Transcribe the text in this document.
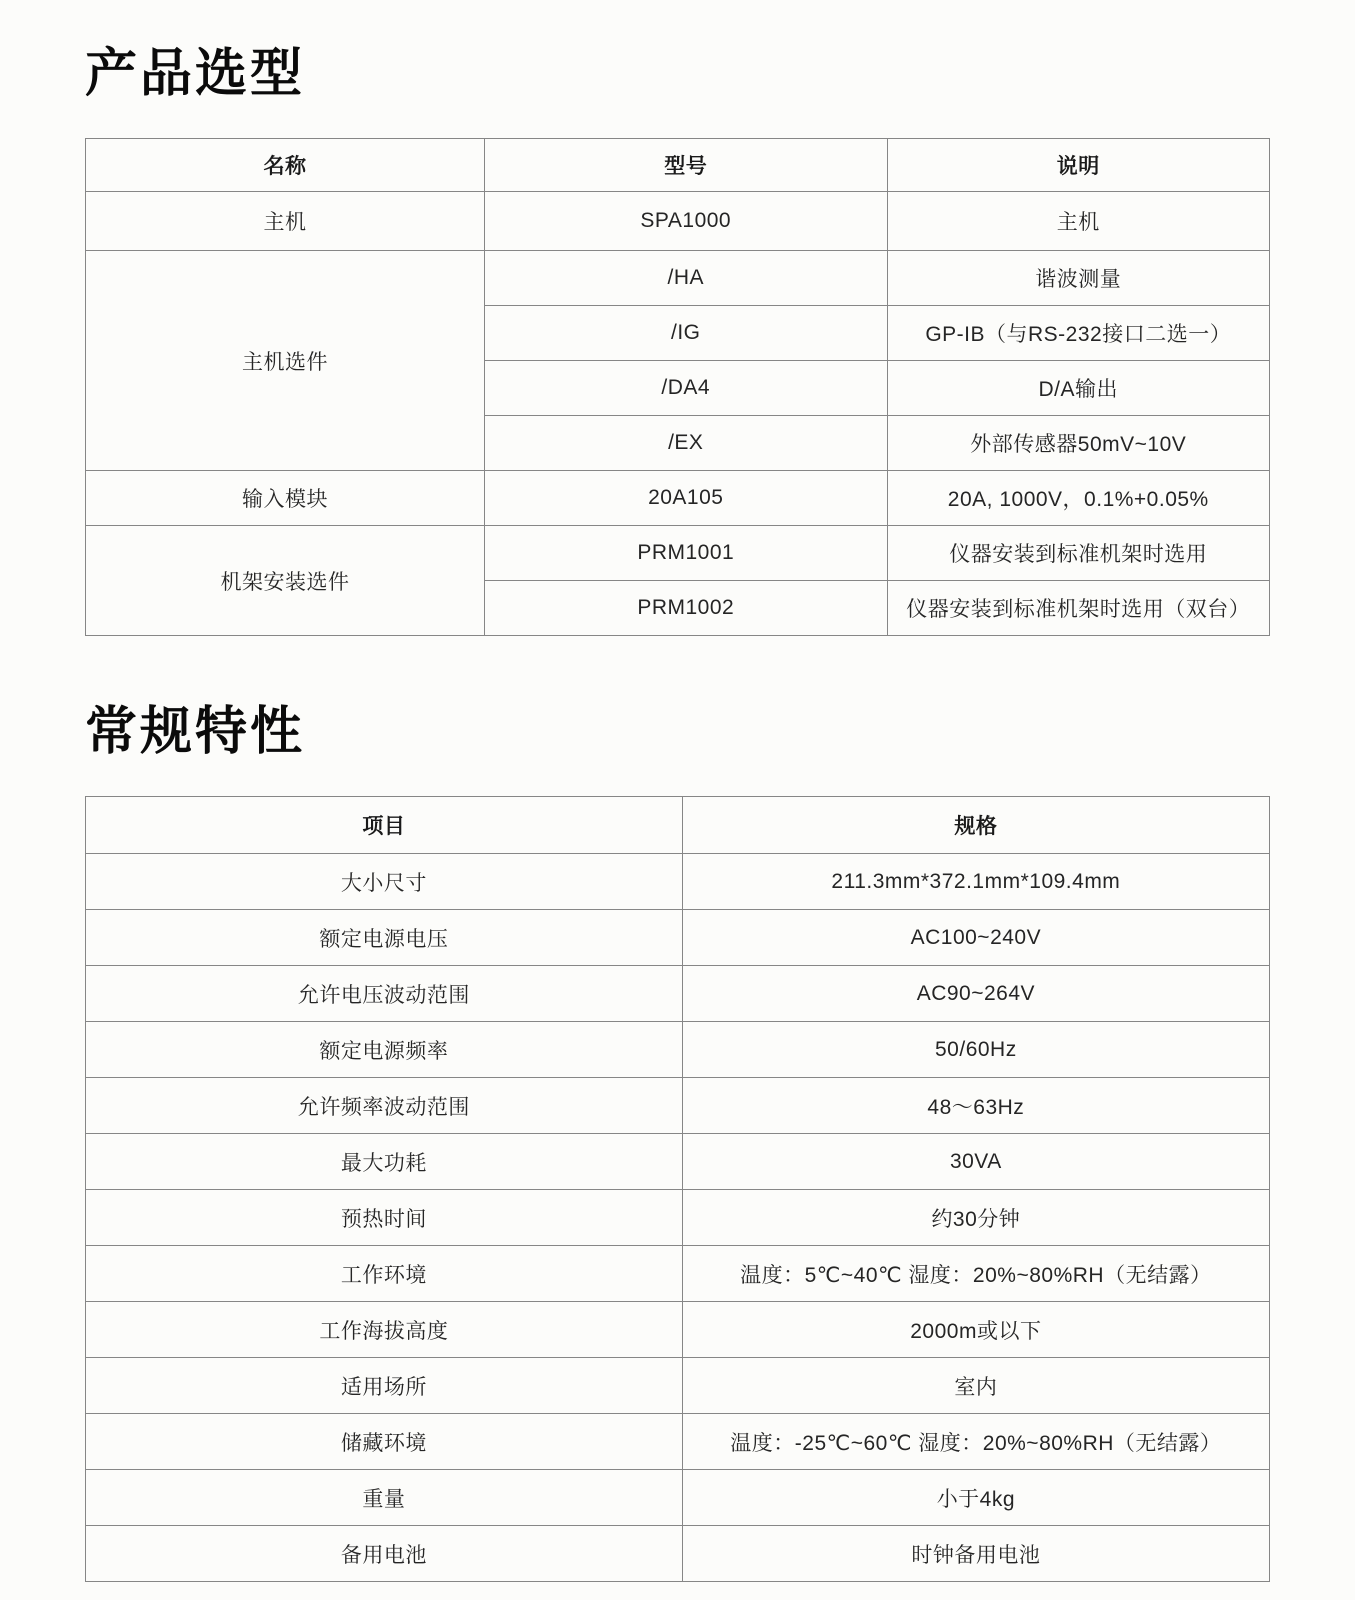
产品选型
名称	型号	说明
主机	SPA1000	主机
主机选件	/HA	谐波测量
	/IG	GP-IB（与RS-232接口二选一）
	/DA4	D/A输出
	/EX	外部传感器50mV~10V
输入模块	20A105	20A, 1000V，0.1%+0.05%
机架安装选件	PRM1001	仪器安装到标准机架时选用
	PRM1002	仪器安装到标准机架时选用（双台）
常规特性
项目	规格
大小尺寸	211.3mm*372.1mm*109.4mm
额定电源电压	AC100~240V
允许电压波动范围	AC90~264V
额定电源频率	50/60Hz
允许频率波动范围	48～63Hz
最大功耗	30VA
预热时间	约30分钟
工作环境	温度：5℃~40℃ 湿度：20%~80%RH（无结露）
工作海拔高度	2000m或以下
适用场所	室内
储藏环境	温度：-25℃~60℃ 湿度：20%~80%RH（无结露）
重量	小于4kg
备用电池	时钟备用电池
